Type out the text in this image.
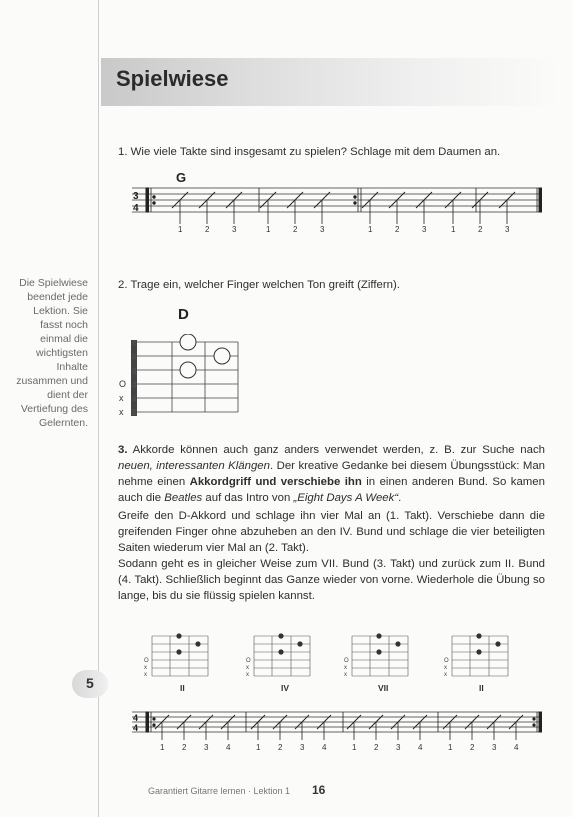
Spielwiese
1. Wie viele Takte sind insgesamt zu spielen? Schlage mit dem Daumen an.
G
3
4
1	2	3	1	2	3	1	2	3	1	2	3
Die Spielwiese beendet jede Lektion. Sie fasst noch einmal die wichtigsten Inhalte zusammen und dient der Vertiefung des Gelernten.
2. Trage ein, welcher Finger welchen Ton greift (Ziffern).
D
e
b
g
d
a
E
O
x
x
3. Akkorde können auch ganz anders verwendet werden, z. B. zur Suche nach neuen, interessanten Klängen. Der kreative Gedanke bei diesem Übungsstück: Man nehme einen Akkordgriff und verschiebe ihn in einen anderen Bund. So kamen auch die Beatles auf das Intro von „Eight Days A Week“.
Greife den D-Akkord und schlage ihn vier Mal an (1. Takt). Verschiebe dann die greifenden Finger ohne abzuheben an den IV. Bund und schlage die vier beteiligten Saiten wiederum vier Mal an (2. Takt).
Sodann geht es in gleicher Weise zum VII. Bund (3. Takt) und zurück zum II. Bund (4. Takt). Schließlich beginnt das Ganze wieder von vorne. Wiederhole die Übung so lange, bis du sie flüssig spielen kannst.
O
x
x
O
x
x
O
x
x
O
x
x
II	IV	VII	II
4
4
1 2 3 4	1 2 3 4	1 2 3 4	1 2 3 4
5
Garantiert Gitarre lernen · Lektion 1 16
